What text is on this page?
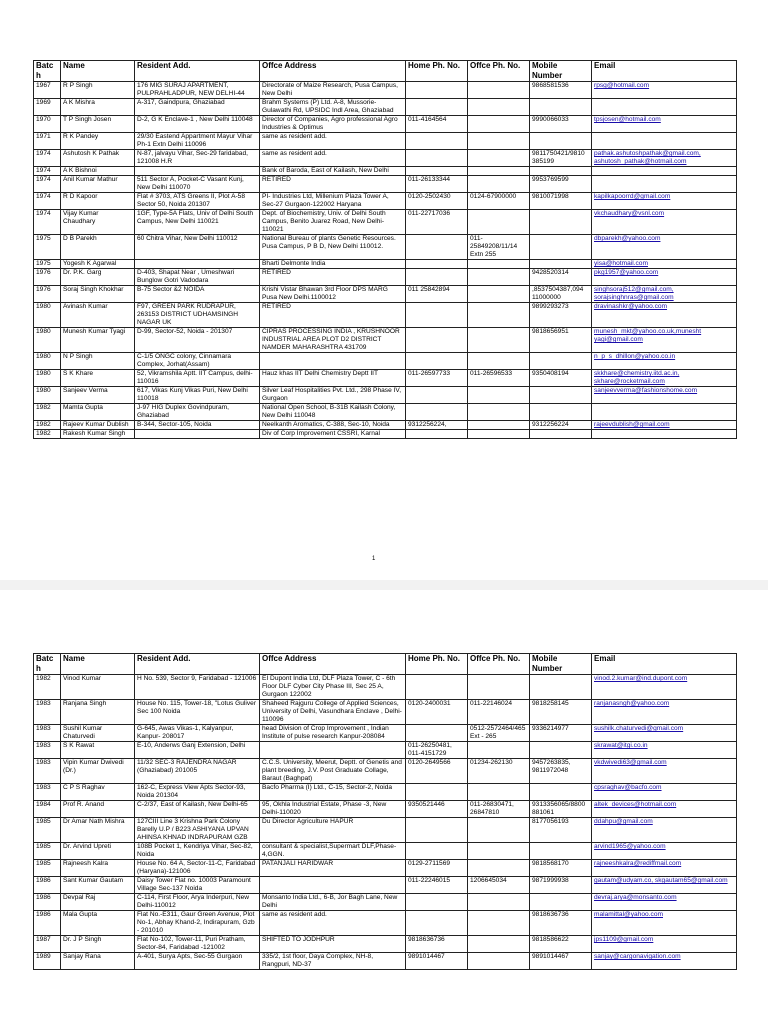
Batch	Name	Resident Add.	Offce Address	Home Ph. No.	Offce Ph. No.	Mobile Number	Email
1967	R P Singh	176 MIG SURAJ APARTMENT, PULPRAHLADPUR, NEW DELHI-44	Directorate of Maize Research, Pusa Campus, New Delhi			9868581536	rpsg@hotmail.com
1969	A K Mishra	A-317, Gaindpura, Ghaziabad	Brahm Systems (P) Ltd. A-8, Mussorie-Gulawathi Rd, UPSIDC Indl Area, Ghaziabad				
1970	T P Singh Josen	D-2, G K Enclave-1 , New Delhi 110048	Director of Companies, Agro professional Agro Industries & Optimus	011-4164564		9990066033	tpsjosen@hotmail.com
1971	R K Pandey	29/30 Eastend Appartment Mayur Vihar Ph-1 Extn Delhi 110096	same as resident add.				
1974	Ashutosh K Pathak	N-87, jalvayu Vihar, Sec-29 faridabad, 121008 H.R	same as resident add.			9811750421/9810 385199	pathak.ashutoshpathak@gmail.com, ashutosh_pathak@hotmail.com
1974	A K Bishnoi		Bank of Baroda, East of Kailash, New Delhi				
1974	Anil Kumar Mathur	511 Sector A, Pocket-C Vasant Kunj, New Delhi 110070	RETIRED	011-26133344		9953769599	
1974	R D Kapoor	Flat # 3703, ATS Greens II, Plot A-58 Sector 50, Noida 201307	PI- Industries Ltd, Millenium Plaza Tower A, Sec-27 Gurgaon-122002 Haryana	0120-2502430	0124-67900000	9810071998	kapilkapoorrd@gmail.com
1974	Vijay Kumar Chaudhary	1GF, Type-5A Flats, Univ of Delhi South Campus, New Delhi 110021	Dept. of Biochemistry, Univ. of Delhi South Campus, Benito Juarez Road, New Delhi-110021	011-22717036			vkchaudhary@vsnl.com
1975	D B Parekh	60 Chitra Vihar, New Delhi 110012	National Bureau of plants Genetic Resources. Pusa Campus, P B D, New Delhi 110012.		011-25849208/11/14 Extn 255		dbparekh@yahoo.com
1975	Yogesh K Agarwal		Bharti Delmonte India				yisa@hotmail.com
1976	Dr. P.K. Garg	D-403, Shapat Near , Umeshwari Bunglow Gotri Vadodara	RETIRED			9428520314	pkg1957@yahoo.com
1976	Soraj Singh Khokhar	B-75 Sector &2 NOIDA	Krishi Vistar Bhawan 3rd Floor DPS MARG Pusa New Delhi.1100012	011 25842894		,8537504387,094 11000000	singhsoraj512@gmail.com, sorajsinghnras@gmail.com
1980	Avinash Kumar	F97, GREEN PARK RUDRAPUR, 263153 DISTRICT UDHAMSINGH NAGAR UK	RETIRED			9899293273	dravinashkr@yahoo.com
1980	Munesh Kumar Tyagi	D-99, Sector-52, Noida - 201307	CIPRAS PROCESSING INDIA , KRUSHNOOR INDUSTRIAL AREA PLOT D2 DISTRICT NAMDER MAHARASHTRA 431709			9818656951	munesh_mkt@yahoo.co.uk,munesht yagi@gmail.com
1980	N P Singh	C-1/5 ONGC colony, Cinnamara Complex, Jorhat(Assam)					n_p_s_dhillon@yahoo.co.in
1980	S K Khare	52, Vikramshila Aptt. IIT Campus, delhi-110016	Hauz khas IIT Delhi Chemistry Deptt IIT	011-26597733	011-26596533	9350408194	skkhare@chemistry.iitd.ac.in, skhare@rocketmail.com
1980	Sanjeev Verma	617, Vikas Kunj Vikas Puri, New Delhi 110018	Silver Leaf Hospitalities Pvt. Ltd., 298 Phase IV, Gurgaon				sanjeevverma@fashionshome.com
1982	Mamta Gupta	J-97 HIG Duplex Govindpuram, Ghaziabad	National Open School, B-31B Kailash Colony, New Delhi 110048				
1982	Rajeev Kumar Dublish	B-344, Sector-105, Noida	Neelkanth Aromatics, C-388, Sec-10, Noida	9312256224,		9312256224	rajeevdublish@gmail.com
1982	Rakesh Kumar Singh		Div of Corp Improvement CSSRI, Karnal				
1
Batch	Name	Resident Add.	Offce Address	Home Ph. No.	Offce Ph. No.	Mobile Number	Email
1982	Vinod Kumar	H No. 539, Sector 9, Faridabad - 121006	EI Dupont India Ltd, DLF Plaza Tower, C - 6th Floor DLF Cyber City Phase III, Sec 25 A, Gurgaon 122002				vinod.2.kumar@ind.dupont.com
1983	Ranjana Singh	House No. 115, Tower-18, "Lotus Guliver Sec 100 Noida	Shaheed Rajguru College of Applied Sciences, University of Delhi, Vasundhara Enclave , Delhi-110096	0120-2400031	011-22146024	9818258145	ranjanasngh@yahoo.com
1983	Sushil Kumar Chaturvedi	G-645, Awas Vikas-1, Kalyanpur, Kanpur- 208017	head Division of Crop Improvement , Indian Institute of pulse research Kanpur-208084		0512-2572464/465 Ext - 265	9336214977	sushilk.chaturvedi@gmail.com
1983	S K Rawat	E-10, Anderws Ganj Extension, Delhi		011-26250481, 011-4151729			skrawat@itgi.co.in
1983	Vipin Kumar Dwivedi (Dr.)	11/32 SEC-3 RAJENDRA NAGAR (Ghaziabad) 201005	C.C.S. University, Meerut, Deptt. of Genetis and plant breeding, J.V. Post Graduate Collage, Baraut (Baghpat)	0120-2649566	01234-262130	9457263835, 9811972048	vkdwivedi63@gmail.com
1983	C P S Raghav	162-C, Express View Apts Sector-93, Noida 201304	Bacfo Pharma (I) Ltd., C-15, Sector-2, Noida				cpsraghav@bacfo.com
1984	Prof R. Anand	C-2/37, East of Kailash, New Delhi-65	95, Okhla Industrial Estate, Phase -3, New Delhi-110020	9350521446	011-26830471, 26847810	9313356065/8800 881061	altek_devices@hotmail.com
1985	Dr Amar Nath Mishra	127CIII Line 3 Krishna Park Colony Barelly U.P / B223 ASHIYANA UPVAN AHINSA KHNAD INDRAPURAM GZB	Du Director Agriculture HAPUR			8177056193	ddahpu@gmail.com
1985	Dr. Arvind Upreti	108B Pocket 1, Kendriya Vihar, Sec-82, Noida	consultant & specialist,Supermart DLF,Phase-4,GGN.				arvind1965@yahoo.com
1985	Rajneesh Kalra	House No. 64 A, Sector-11-C, Faridabad (Haryana)-121006	PATANJALI HARIDWAR	0129-2711569		9818568170	rajneeshkalra@rediffmail.com
1986	Sant Kumar Gautam	Daisy Tower Flat no. 10003 Paramount Village Sec-137 Noida		011-22246015	1206645034	9871999938	gautam@udyam.co, skgautam65@gmail.com
1986	Devpal Raj	C-114, First Floor, Arya Inderpuri, New Delhi-110012	Monsanto India Ltd., 6-B, Jor Bagh Lane, New Delhi				devraj.arya@monsanto.com
1986	Mala Gupta	Flat No.-E311, Gaur Green Avenue, Plot No-1, Abhay Khand-2, Indirapuram, Gzb - 201010	same as resident add.			9818636736	malamittal@yahoo.com
1987	Dr. J P Singh	Flat No-102, Tower-11, Puri Pratham, Sector-84, Faridabad -121002	SHIFTED TO JODHPUR	9818636736		9818586622	jps1109@gmail.com
1989	Sanjay Rana	A-401, Surya Apts, Sec-55 Gurgaon	335/2, 1st floor, Daya Complex, NH-8, Rangpuri, ND-37	9891014467		9891014467	sanjay@cargonavigation.com
